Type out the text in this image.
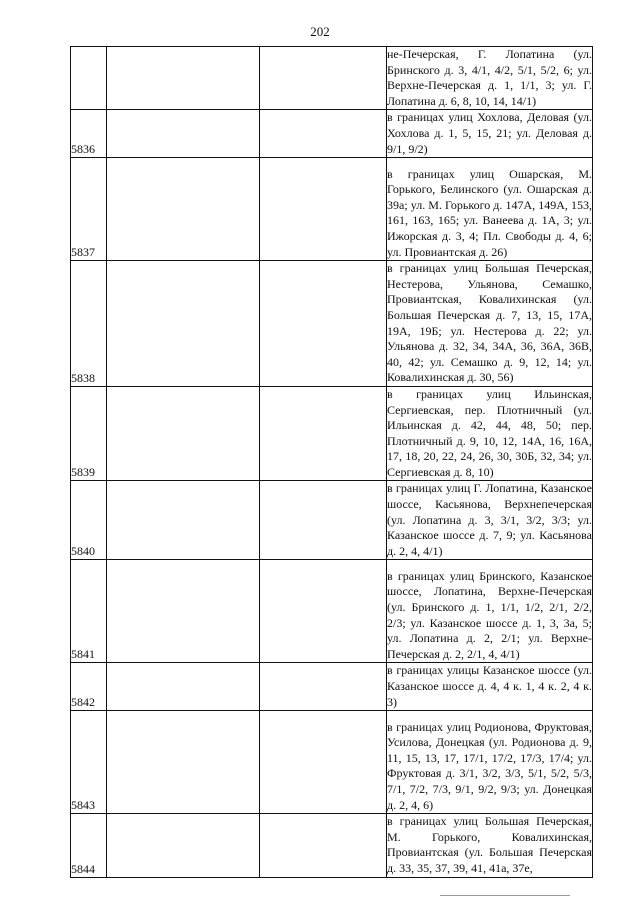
202
			не-Печерская, Г. Лопатина (ул. Бринского д. 3, 4/1, 4/2, 5/1, 5/2, 6; ул. Верхне-Печерская д. 1, 1/1, 3; ул. Г. Лопатина д. 6, 8, 10, 14, 14/1)
5836			в границах улиц Хохлова, Деловая (ул. Хохлова д. 1, 5, 15, 21; ул. Деловая д. 9/1, 9/2)
5837			в границах улиц Ошарская, М. Горького, Белинского (ул. Ошарская д. 39а; ул. М. Горького д. 147А, 149А, 153, 161, 163, 165; ул. Ванеева д. 1А, 3; ул. Ижорская д. 3, 4; Пл. Свободы д. 4, 6; ул. Провиантская д. 26)
5838			в границах улиц Большая Печерская, Нестерова, Ульянова, Семашко, Провиантская, Ковалихинская (ул. Большая Печерская д. 7, 13, 15, 17А, 19А, 19Б; ул. Нестерова д. 22; ул. Ульянова д. 32, 34, 34А, 36, 36А, 36В, 40, 42; ул. Семашко д. 9, 12, 14; ул. Ковалихинская д. 30, 56)
5839			в границах улиц Ильинская, Сергиевская, пер. Плотничный (ул. Ильинская д. 42, 44, 48, 50; пер. Плотничный д. 9, 10, 12, 14А, 16, 16А, 17, 18, 20, 22, 24, 26, 30, 30Б, 32, 34; ул. Сергиевская д. 8, 10)
5840			в границах улиц Г. Лопатина, Казанское шоссе, Касьянова, Верхнепечерская (ул. Лопатина д. 3, 3/1, 3/2, 3/3; ул. Казанское шоссе д. 7, 9; ул. Касьянова д. 2, 4, 4/1)
5841			в границах улиц Бринского, Казанское шоссе, Лопатина, Верхне-Печерская (ул. Бринского д. 1, 1/1, 1/2, 2/1, 2/2, 2/3; ул. Казанское шоссе д. 1, 3, 3а, 5; ул. Лопатина д. 2, 2/1; ул. Верхне-Печерская д. 2, 2/1, 4, 4/1)
5842			в границах улицы Казанское шоссе (ул. Казанское шоссе д. 4, 4 к. 1, 4 к. 2, 4 к. 3)
5843			в границах улиц Родионова, Фруктовая, Усилова, Донецкая (ул. Родионова д. 9, 11, 15, 13, 17, 17/1, 17/2, 17/3, 17/4; ул. Фруктовая д. 3/1, 3/2, 3/3, 5/1, 5/2, 5/3, 7/1, 7/2, 7/3, 9/1, 9/2, 9/3; ул. Донецкая д. 2, 4, 6)
5844			в границах улиц Большая Печерская, М. Горького, Ковалихинская, Провиантская (ул. Большая Печерская д. 33, 35, 37, 39, 41, 41а, 37е,
